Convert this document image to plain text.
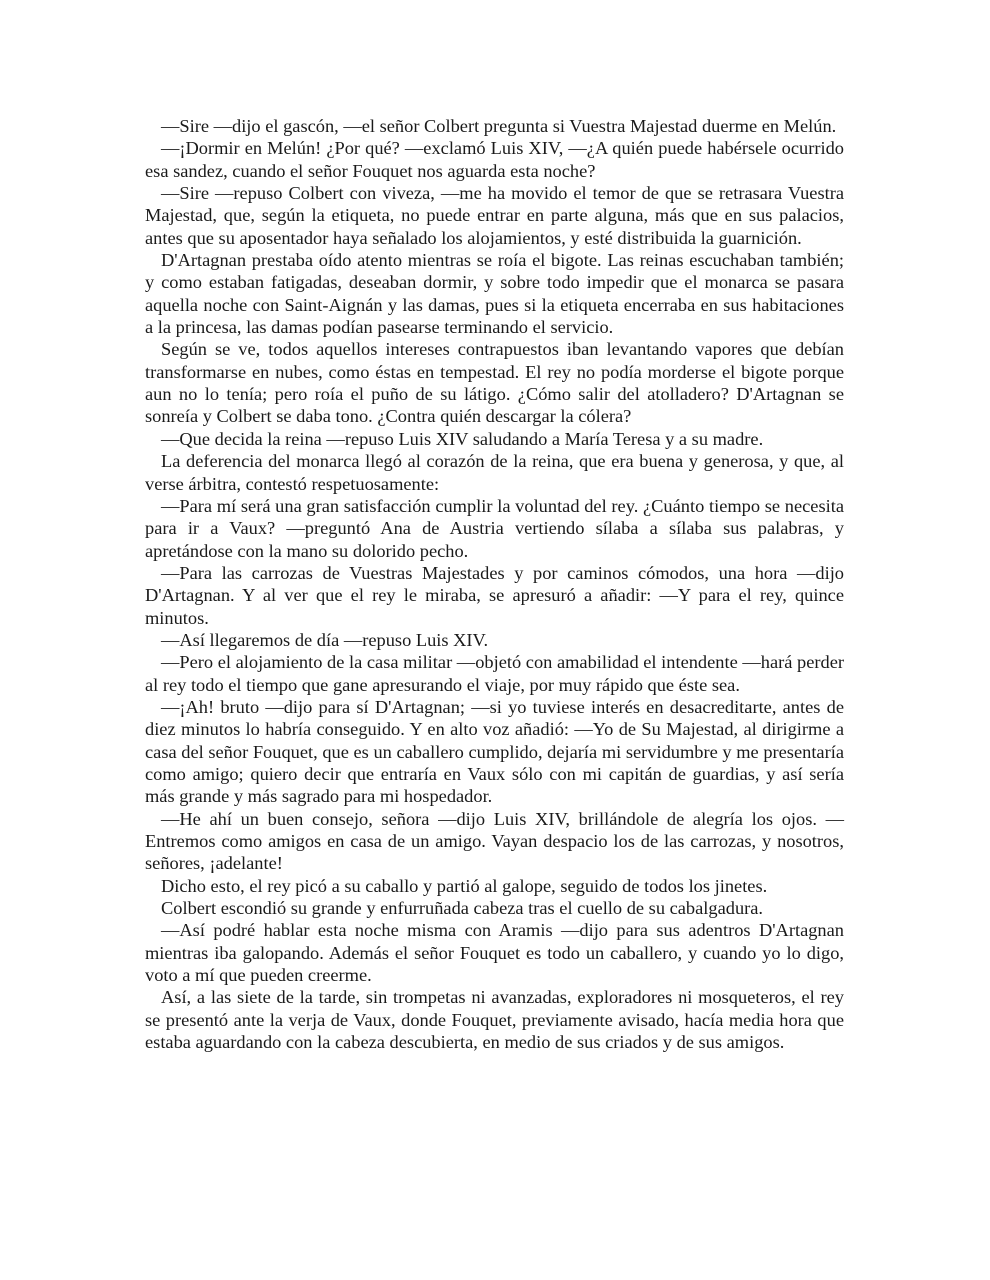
—Sire —dijo el gascón, —el señor Colbert pregunta si Vuestra Majestad duerme en Melún.

—¡Dormir en Melún! ¿Por qué? —exclamó Luis XIV, —¿A quién puede habérsele ocurrido esa sandez, cuando el señor Fouquet nos aguarda esta noche?

—Sire —repuso Colbert con viveza, —me ha movido el temor de que se retrasara Vuestra Majestad, que, según la etiqueta, no puede entrar en parte alguna, más que en sus palacios, antes que su aposentador haya señalado los alojamientos, y esté distribuida la guarnición.

D'Artagnan prestaba oído atento mientras se roía el bigote. Las reinas escuchaban también; y como estaban fatigadas, deseaban dormir, y sobre todo impedir que el monarca se pasara aquella noche con Saint-Aignán y las damas, pues si la etiqueta encerraba en sus habitaciones a la princesa, las damas podían pasearse terminando el servicio.

Según se ve, todos aquellos intereses contrapuestos iban levantando vapores que debían transformarse en nubes, como éstas en tempestad. El rey no podía morderse el bigote porque aun no lo tenía; pero roía el puño de su látigo. ¿Cómo salir del atolladero? D'Artagnan se sonreía y Colbert se daba tono. ¿Contra quién descargar la cólera?

—Que decida la reina —repuso Luis XIV saludando a María Teresa y a su madre.

La deferencia del monarca llegó al corazón de la reina, que era buena y generosa, y que, al verse árbitra, contestó respetuosamente:

—Para mí será una gran satisfacción cumplir la voluntad del rey. ¿Cuánto tiempo se necesita para ir a Vaux? —preguntó Ana de Austria vertiendo sílaba a sílaba sus palabras, y apretándose con la mano su dolorido pecho.

—Para las carrozas de Vuestras Majestades y por caminos cómodos, una hora —dijo D'Artagnan. Y al ver que el rey le miraba, se apresuró a añadir: —Y para el rey, quince minutos.

—Así llegaremos de día —repuso Luis XIV.

—Pero el alojamiento de la casa militar —objetó con amabilidad el intendente —hará perder al rey todo el tiempo que gane apresurando el viaje, por muy rápido que éste sea.

—¡Ah! bruto —dijo para sí D'Artagnan; —si yo tuviese interés en desacreditarte, antes de diez minutos lo habría conseguido. Y en alto voz añadió: —Yo de Su Majestad, al dirigirme a casa del señor Fouquet, que es un caballero cumplido, dejaría mi servidumbre y me presentaría como amigo; quiero decir que entraría en Vaux sólo con mi capitán de guardias, y así sería más grande y más sagrado para mi hospedador.

—He ahí un buen consejo, señora —dijo Luis XIV, brillándole de alegría los ojos. —Entremos como amigos en casa de un amigo. Vayan despacio los de las carrozas, y nosotros, señores, ¡adelante!

Dicho esto, el rey picó a su caballo y partió al galope, seguido de todos los jinetes.

Colbert escondió su grande y enfurruñada cabeza tras el cuello de su cabalgadura.

—Así podré hablar esta noche misma con Aramis —dijo para sus adentros D'Artagnan mientras iba galopando. Además el señor Fouquet es todo un caballero, y cuando yo lo digo, voto a mí que pueden creerme.

Así, a las siete de la tarde, sin trompetas ni avanzadas, exploradores ni mosqueteros, el rey se presentó ante la verja de Vaux, donde Fouquet, previamente avisado, hacía media hora que estaba aguardando con la cabeza descubierta, en medio de sus criados y de sus amigos.
